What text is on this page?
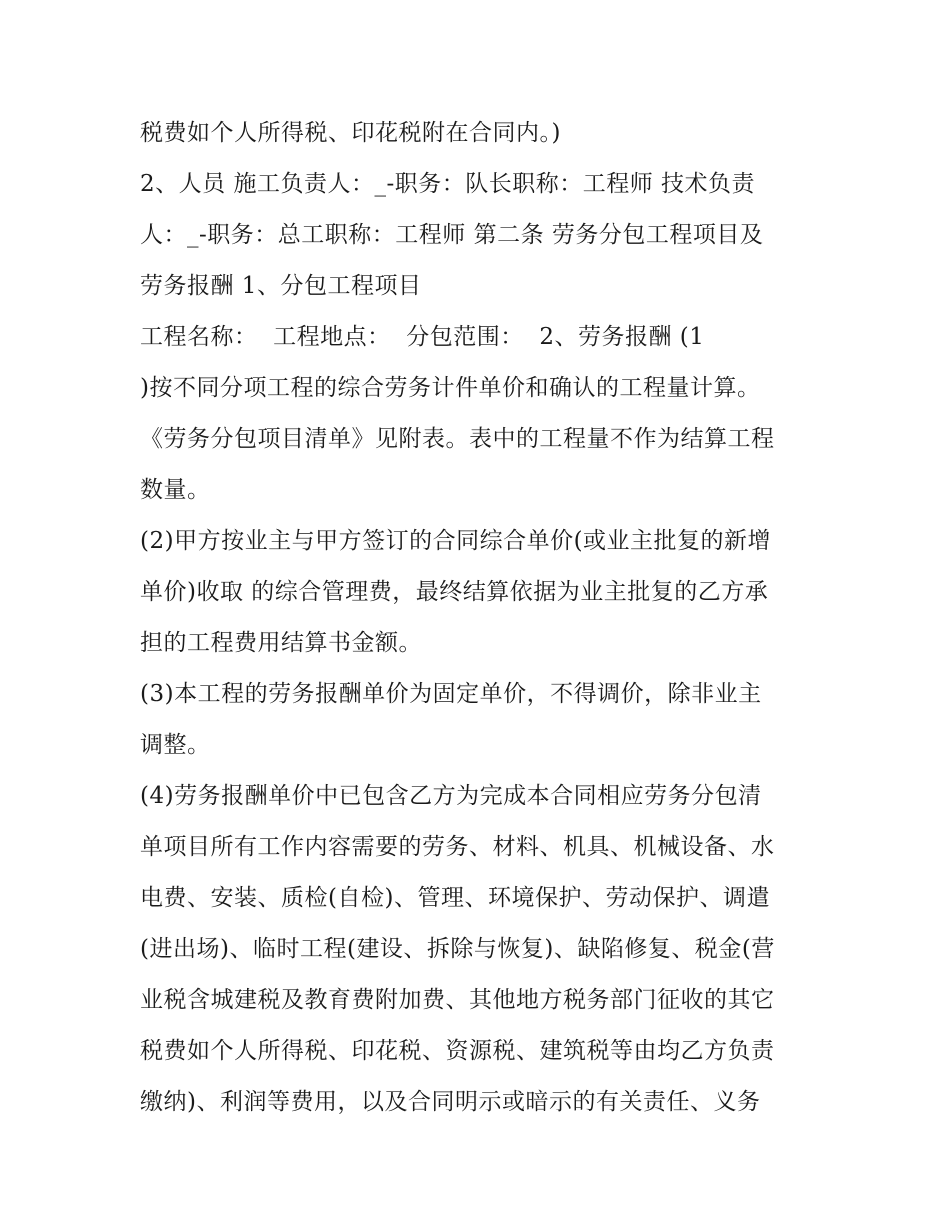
税费如个人所得税、印花税附在合同内。)
2、人员 施工负责人：_-职务：队长职称：工程师 技术负责
人：_-职务：总工职称：工程师 第二条 劳务分包工程项目及
劳务报酬 1、分包工程项目
工程名称：  工程地点：  分包范围：  2、劳务报酬 (1
)按不同分项工程的综合劳务计件单价和确认的工程量计算。
《劳务分包项目清单》见附表。表中的工程量不作为结算工程
数量。
(2)甲方按业主与甲方签订的合同综合单价(或业主批复的新增
单价)收取 的综合管理费，最终结算依据为业主批复的乙方承
担的工程费用结算书金额。
(3)本工程的劳务报酬单价为固定单价，不得调价，除非业主
调整。
(4)劳务报酬单价中已包含乙方为完成本合同相应劳务分包清
单项目所有工作内容需要的劳务、材料、机具、机械设备、水
电费、安装、质检(自检)、管理、环境保护、劳动保护、调遣
(进出场)、临时工程(建设、拆除与恢复)、缺陷修复、税金(营
业税含城建税及教育费附加费、其他地方税务部门征收的其它
税费如个人所得税、印花税、资源税、建筑税等由均乙方负责
缴纳)、利润等费用，以及合同明示或暗示的有关责任、义务
